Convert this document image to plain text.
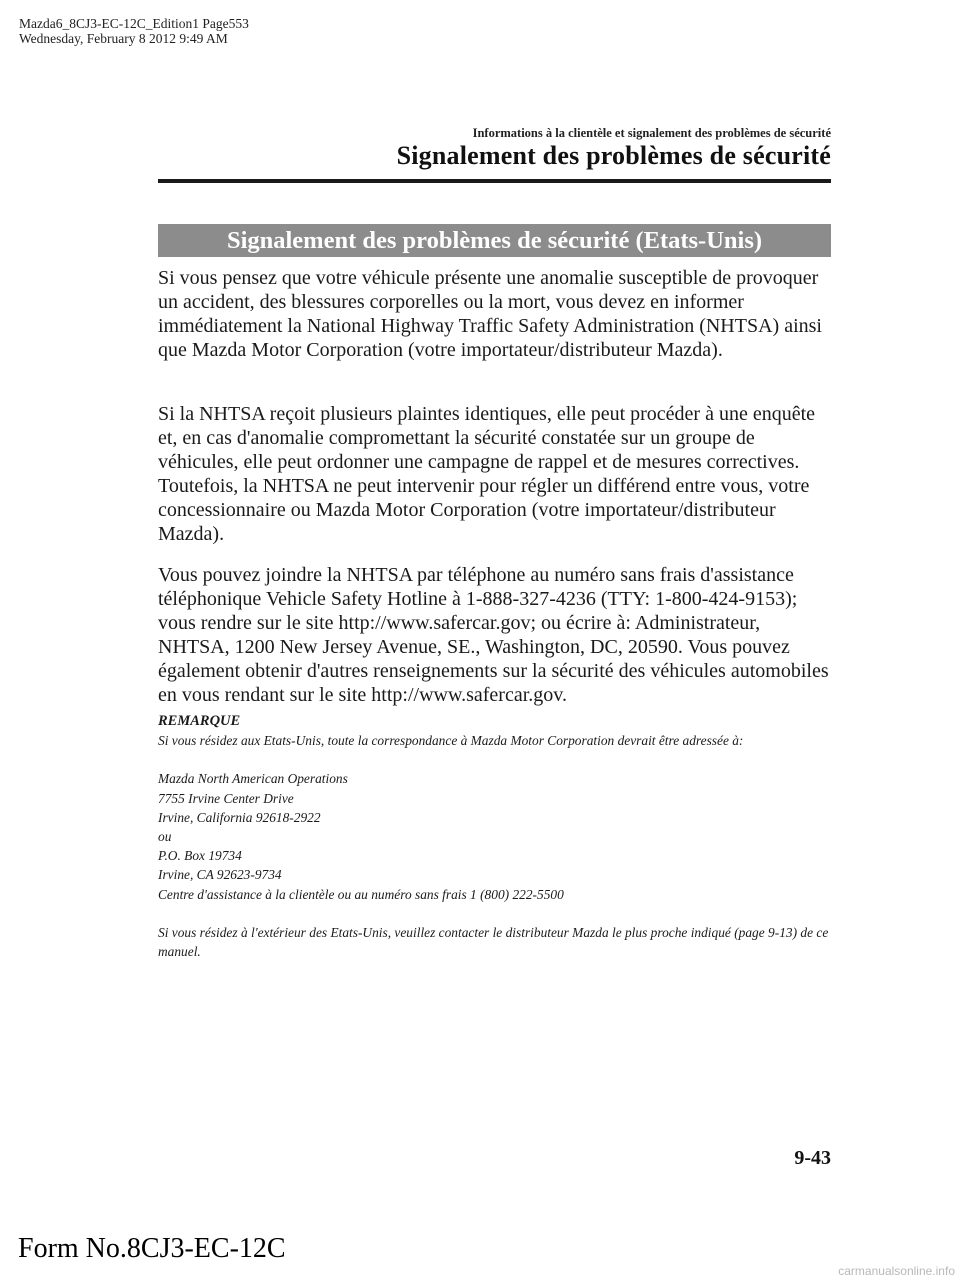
Mazda6_8CJ3-EC-12C_Edition1 Page553
Wednesday, February 8 2012 9:49 AM
Informations à la clientèle et signalement des problèmes de sécurité
Signalement des problèmes de sécurité
Signalement des problèmes de sécurité (Etats-Unis)

Si vous pensez que votre véhicule présente une anomalie susceptible de provoquer un accident, des blessures corporelles ou la mort, vous devez en informer immédiatement la National Highway Traffic Safety Administration (NHTSA) ainsi que Mazda Motor Corporation (votre importateur/distributeur Mazda).

Si la NHTSA reçoit plusieurs plaintes identiques, elle peut procéder à une enquête et, en cas d'anomalie compromettant la sécurité constatée sur un groupe de véhicules, elle peut ordonner une campagne de rappel et de mesures correctives. Toutefois, la NHTSA ne peut intervenir pour régler un différend entre vous, votre concessionnaire ou Mazda Motor Corporation (votre importateur/distributeur Mazda).

Vous pouvez joindre la NHTSA par téléphone au numéro sans frais d'assistance téléphonique Vehicle Safety Hotline à 1-888-327-4236 (TTY: 1-800-424-9153); vous rendre sur le site http://www.safercar.gov; ou écrire à: Administrateur, NHTSA, 1200 New Jersey Avenue, SE., Washington, DC, 20590. Vous pouvez également obtenir d'autres renseignements sur la sécurité des véhicules automobiles en vous rendant sur le site http://www.safercar.gov.

REMARQUE
Si vous résidez aux Etats-Unis, toute la correspondance à Mazda Motor Corporation devrait être adressée à:
Mazda North American Operations
7755 Irvine Center Drive
Irvine, California 92618-2922
ou
P.O. Box 19734
Irvine, CA 92623-9734
Centre d'assistance à la clientèle ou au numéro sans frais 1 (800) 222-5500
Si vous résidez à l'extérieur des Etats-Unis, veuillez contacter le distributeur Mazda le plus proche indiqué (page 9-13) de ce manuel.
9-43
Form No.8CJ3-EC-12C
carmanualsonline.info
